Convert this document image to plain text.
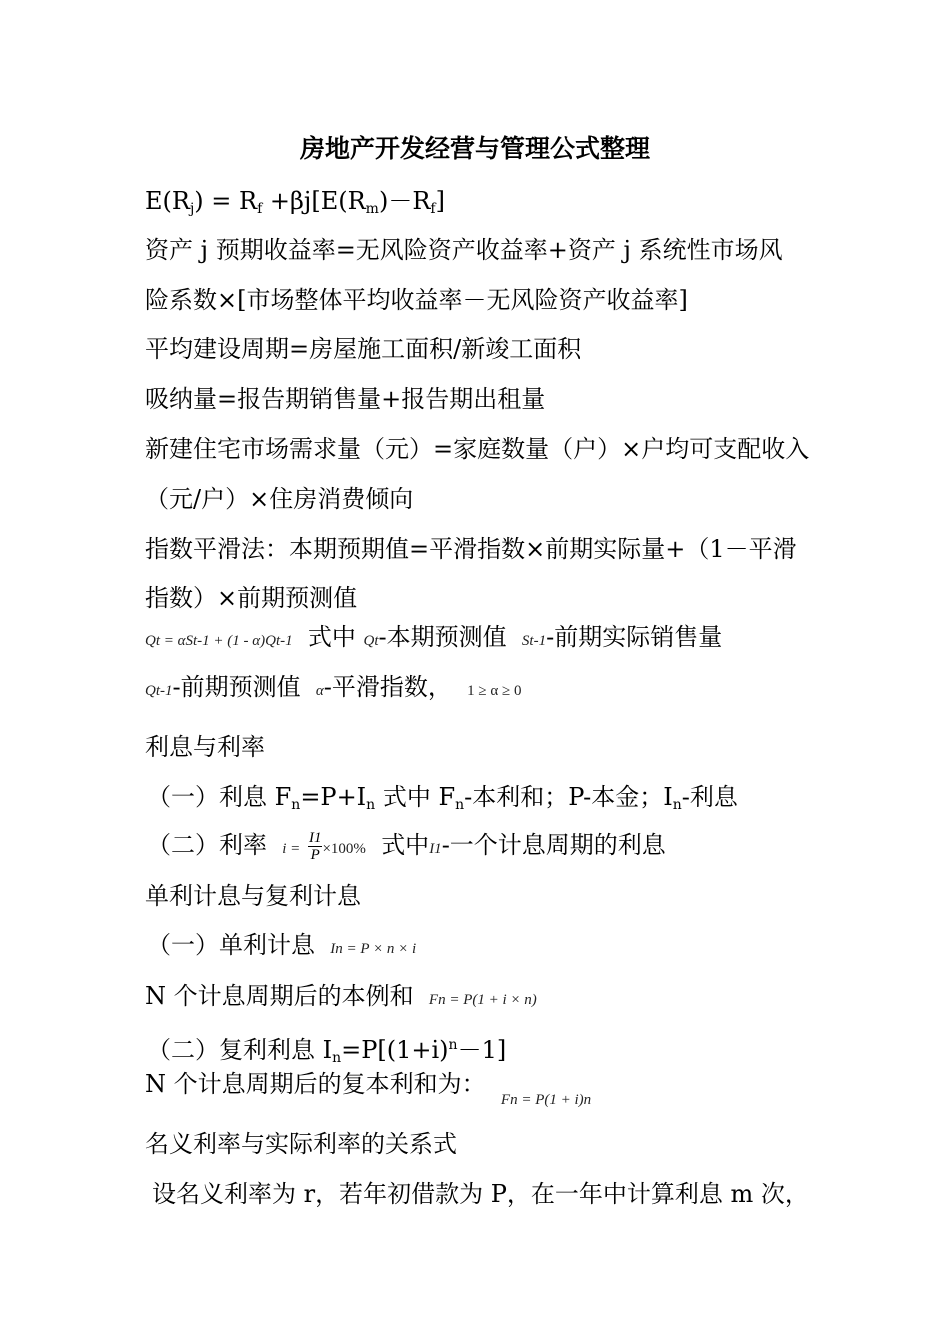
房地产开发经营与管理公式整理
$E(R_j) = R_f +\beta j[E(R_m)-R_f]$
资产 j 预期收益率=无风险资产收益率+资产 j 系统性市场风
险系数×[市场整体平均收益率－无风险资产收益率]
平均建设周期=房屋施工面积/新竣工面积
吸纳量=报告期销售量+报告期出租量
新建住宅市场需求量（元）=家庭数量（户）×户均可支配收入
（元/户）×住房消费倾向
指数平滑法：本期预期值=平滑指数×前期实际量+（1－平滑
指数）×前期预测值
Qt = αSt-1 + (1 - α)Qt-1 式中 Qt-本期预测值 St-1-前期实际销售量
Qt-1-前期预测值 α-平滑指数， 1 ≥ α ≥ 0
利息与利率
（一）利息 $F_n=P+I_n$ 式中 $F_n-$本利和；P-本金；$I_n-$利息
（二）利率 $i = \frac{I1}{P} \times 100\%$ 式中I1-一个计息周期的利息
单利计息与复利计息
（一）单利计息 In = P × n × i
N 个计息周期后的本例和 Fn = P(1 + i × n)
（二）复利利息 $I_n=P[(1+i)^n-1]$
N 个计息周期后的复本利和为：  $_{Fn = P(1 + i)n}$
名义利率与实际利率的关系式
设名义利率为 r，若年初借款为 P，在一年中计算利息 m 次，
